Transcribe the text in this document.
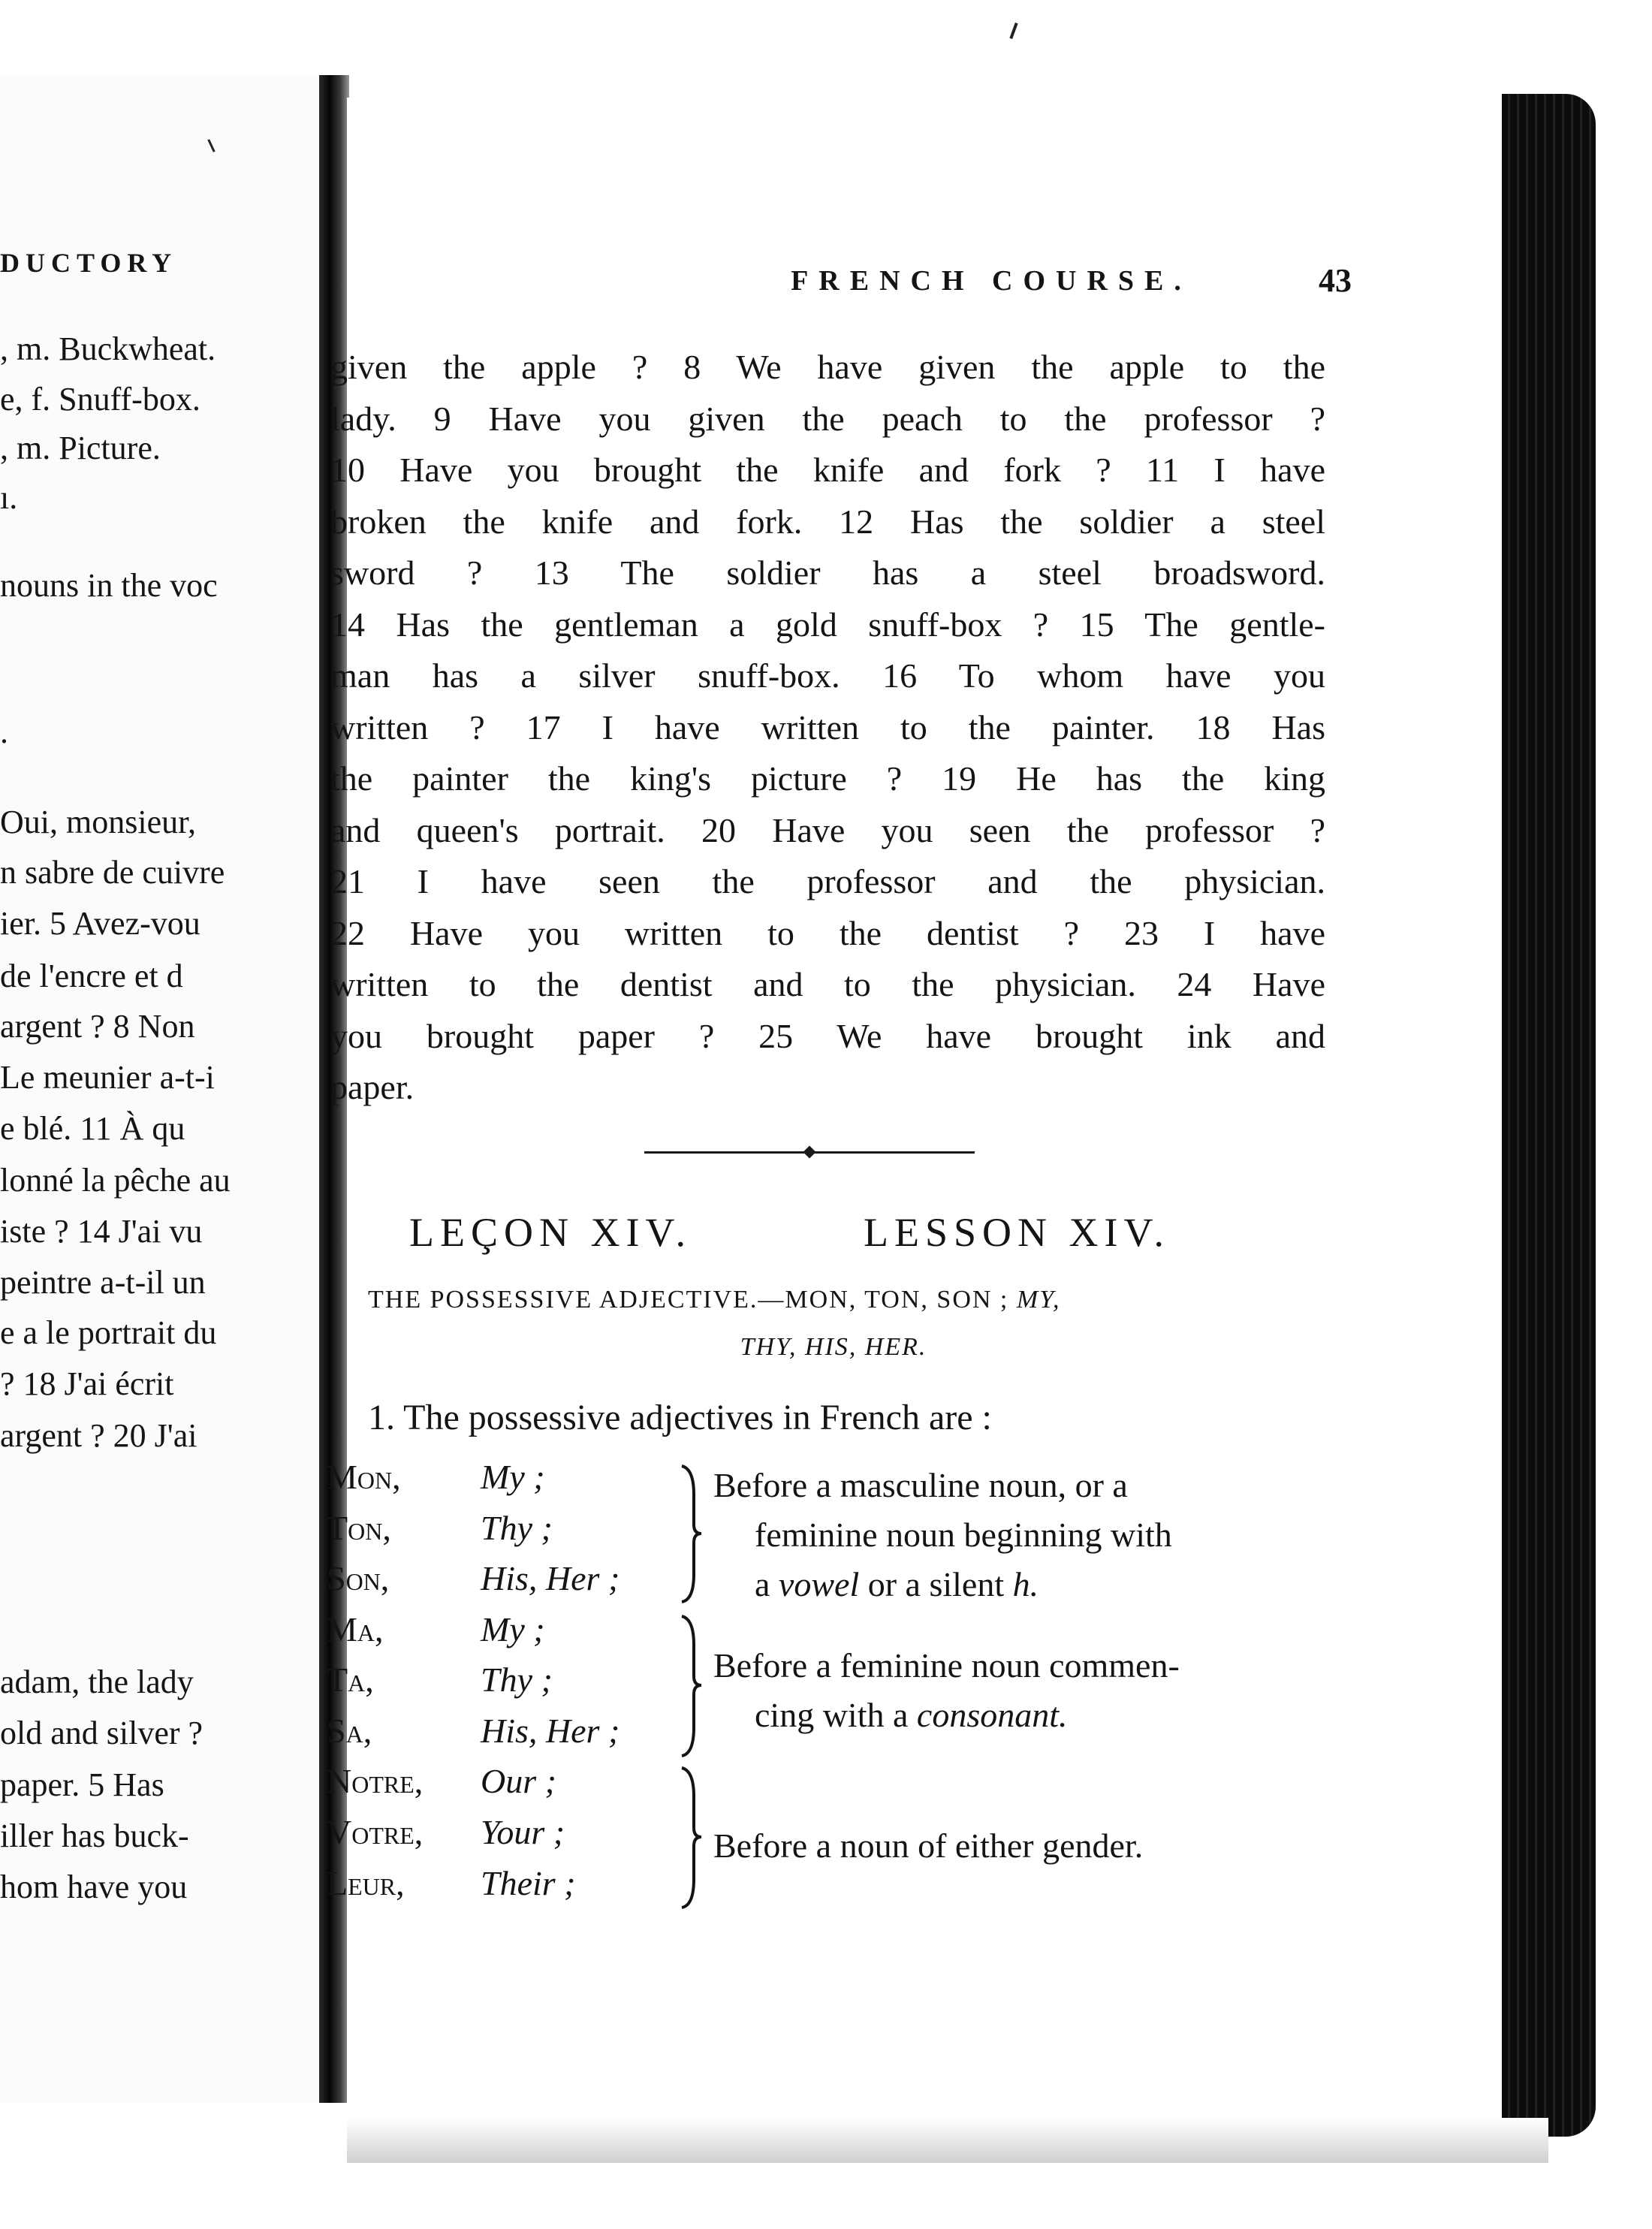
DUCTORY
, m. Buckwheat.
e, f. Snuff-box.
, m. Picture.
ı.
nouns in the voc
.
Oui, monsieur,
n sabre de cuivre
ier. 5 Avez-vou
de l'encre et d
argent ? 8 Non
Le meunier a-t-i
e blé. 11 À qu
lonné la pêche au
iste ? 14 J'ai vu
peintre a-t-il un
e a le portrait du
? 18 J'ai écrit
argent ? 20 J'ai
adam, the lady
old and silver ?
paper. 5 Has
iller has buck-
hom have you
FRENCH COURSE.	43
given the apple ? 8 We have given the apple to the
lady. 9 Have you given the peach to the professor ?
10 Have you brought the knife and fork ? 11 I have
broken the knife and fork. 12 Has the soldier a steel
sword ? 13 The soldier has a steel broadsword.
14 Has the gentleman a gold snuff-box ? 15 The gentle-
man has a silver snuff-box. 16 To whom have you
written ? 17 I have written to the painter. 18 Has
the painter the king's picture ? 19 He has the king
and queen's portrait. 20 Have you seen the professor ?
21 I have seen the professor and the physician.
22 Have you written to the dentist ? 23 I have
written to the dentist and to the physician. 24 Have
you brought paper ? 25 We have brought ink and
paper.
LEÇON XIV.	LESSON XIV.
THE POSSESSIVE ADJECTIVE.—MON, TON, SON ; MY,
THY, HIS, HER.
1. The possessive adjectives in French are :
Mon, My ;
Ton,	Thy ;
Son,	His, Her ;
Before a masculine noun, or a
feminine noun beginning with
a vowel or a silent h.
Ma,	My ;
Ta,	Thy ;
Sa,	His, Her ;
Before a feminine noun commen-
cing with a consonant.
Notre, Our ;
Votre, Your ;
Leur, Their ;
Before a noun of either gender.
